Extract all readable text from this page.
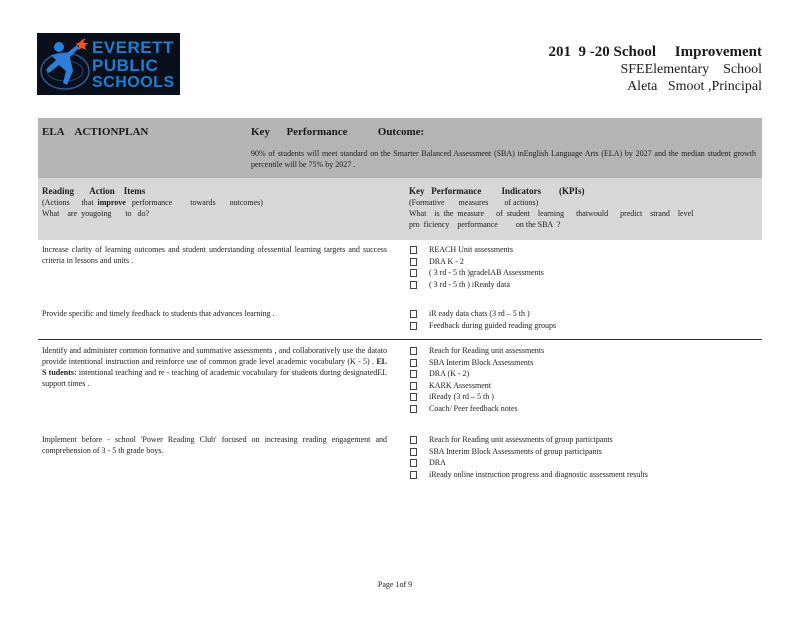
EVERETT
PUBLIC
SCHOOLS
201  9 -20 School     Improvement
SFEElementary    School
Aleta   Smoot ,Principal
ELA    ACTIONPLAN	Key      Performance           Outcome:
90% of students will meet standard on the Smarter Balanced Assessment (SBA) inEnglish Language Arts (ELA) by 2027 and the median student growth percentile will be 75% by 2027 .
Reading       Action    Items
(Actions      that  improve   performance         towards       outcomes)
What    are  yougoing       to   do?
Key   Performance         Indicators        (KPIs)
(Formative       measures        of actions)
What    is  the  measure      of  student    learning      thatwould      predict    strand    level
pro  ficiency    performance         on the SBA  ?
Increase clarity of learning outcomes and student understanding ofessential learning targets and success criteria in lessons and units .
REACH Unit assessments
DRA K - 2
( 3 rd - 5 th )gradeIAB Assessments
( 3 rd - 5 th ) iReady data
Provide specific and timely feedback to students that advances learning .	iR eady data chats (3 rd – 5 th )
Feedback during guided reading groups
Identify and administer common formative and summative assessments , and collaboratively use the datato provide intentional instruction and reinforce use of common grade level academic vocabulary (K - 5) . EL S tudents: intentional teaching and re - teaching of academic vocabulary for students during designatedEL support times .
Reach for Reading unit assessments
SBA Interim Block Assessments
DRA (K - 2)
KARK Assessment
iReady (3 rd – 5 th )
Coach/ Peer feedback notes
Implement before - school 'Power Reading Club' focused on increasing reading engagement and comprehension of 3 - 5 th grade boys.
Reach for Reading unit assessments of group participants
SBA Interim Block Assessments of group participants
DRA
iReady online instruction progress and diagnostic assessment results
Page 1of 9
